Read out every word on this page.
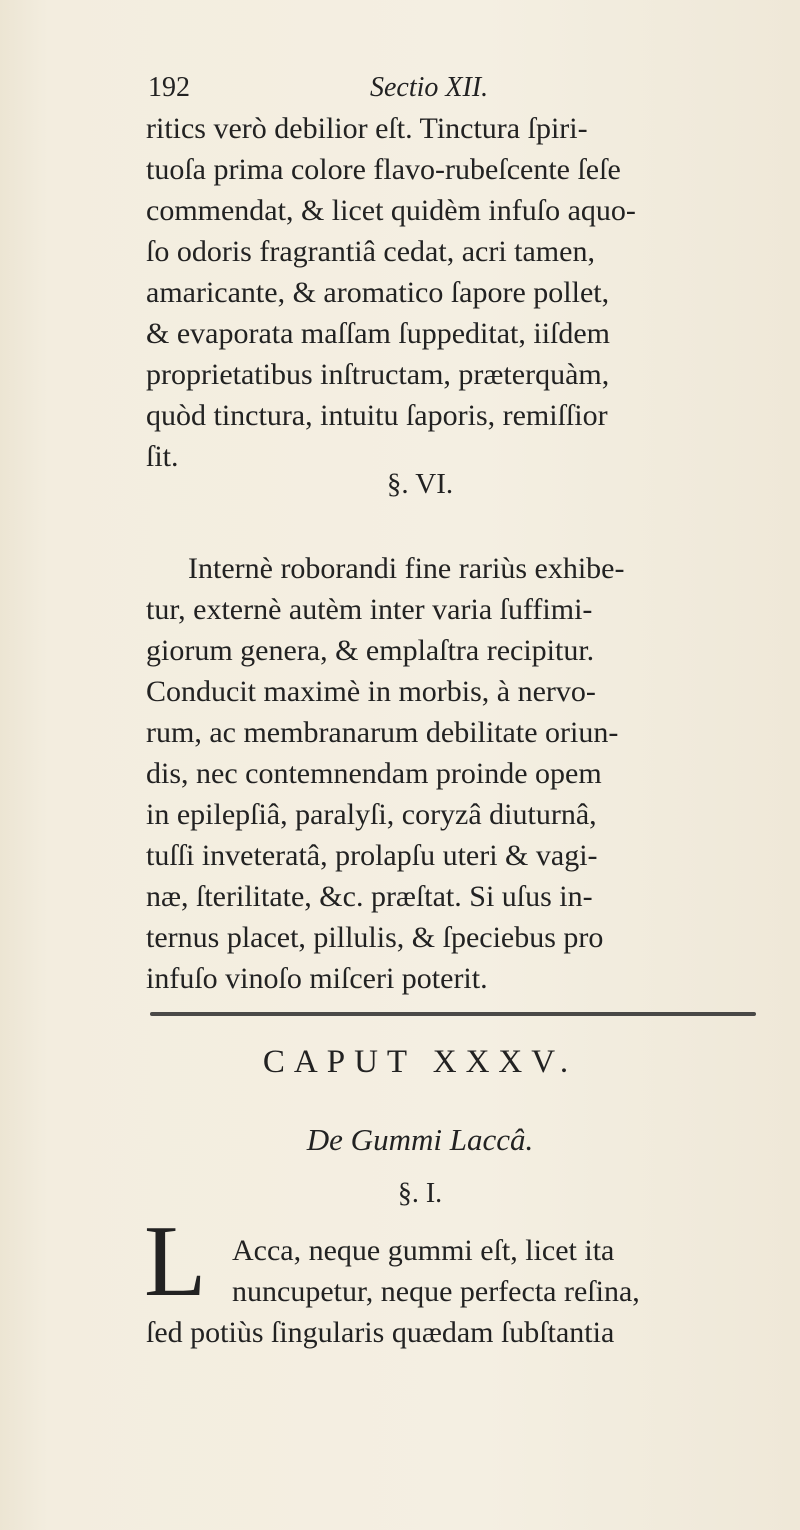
192	Sectio XII.
ritics verò debilior eſt. Tinctura ſpiri-
tuoſa prima colore flavo-rubeſcente ſeſe
commendat, & licet quidèm infuſo aquo-
ſo odoris fragrantiâ cedat, acri tamen,
amaricante, & aromatico ſapore pollet,
& evaporata maſſam ſuppeditat, iiſdem
proprietatibus inſtructam, præterquàm,
quòd tinctura, intuitu ſaporis, remiſſior
ſit.
§. VI.
Internè roborandi fine rariùs exhibe-
tur, externè autèm inter varia ſuffimi-
giorum genera, & emplaſtra recipitur.
Conducit maximè in morbis, à nervo-
rum, ac membranarum debilitate oriun-
dis, nec contemnendam proinde opem
in epilepſiâ, paralyſi, coryzâ diuturnâ,
tuſſi inveteratâ, prolapſu uteri & vagi-
næ, ſterilitate, &c. præſtat. Si uſus in-
ternus placet, pillulis, & ſpeciebus pro
infuſo vinoſo miſceri poterit.
CAPUT XXXV.
De Gummi Laccâ.
§. I.
L Acca, neque gummi eſt, licet ita
nuncupetur, neque perfecta reſina,
ſed potiùs ſingularis quædam ſubſtantia
